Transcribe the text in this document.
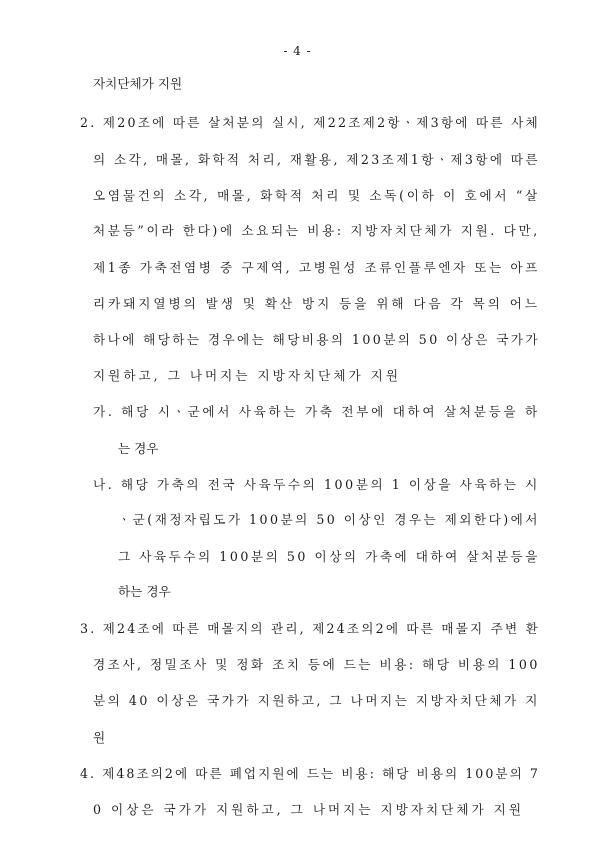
- 4 -
자치단체가 지원
2. 제20조에 따른 살처분의 실시, 제22조제2항ㆍ제3항에 따른 사체
의 소각, 매몰, 화학적 처리, 재활용, 제23조제1항ㆍ제3항에 따른
오염물건의 소각, 매몰, 화학적 처리 및 소독(이하 이 호에서 “살
처분등”이라 한다)에 소요되는 비용: 지방자치단체가 지원. 다만,
제1종 가축전염병 중 구제역, 고병원성 조류인플루엔자 또는 아프
리카돼지열병의 발생 및 확산 방지 등을 위해 다음 각 목의 어느
하나에 해당하는 경우에는 해당비용의 100분의 50 이상은 국가가
지원하고, 그 나머지는 지방자치단체가 지원
가. 해당 시ㆍ군에서 사육하는 가축 전부에 대하여 살처분등을 하
는 경우
나. 해당 가축의 전국 사육두수의 100분의 1 이상을 사육하는 시
ㆍ군(재정자립도가 100분의 50 이상인 경우는 제외한다)에서
그 사육두수의 100분의 50 이상의 가축에 대하여 살처분등을
하는 경우
3. 제24조에 따른 매몰지의 관리, 제24조의2에 따른 매몰지 주변 환
경조사, 정밀조사 및 정화 조치 등에 드는 비용: 해당 비용의 100
분의 40 이상은 국가가 지원하고, 그 나머지는 지방자치단체가 지
원
4. 제48조의2에 따른 폐업지원에 드는 비용: 해당 비용의 100분의 7
0 이상은 국가가 지원하고, 그 나머지는 지방자치단체가 지원
